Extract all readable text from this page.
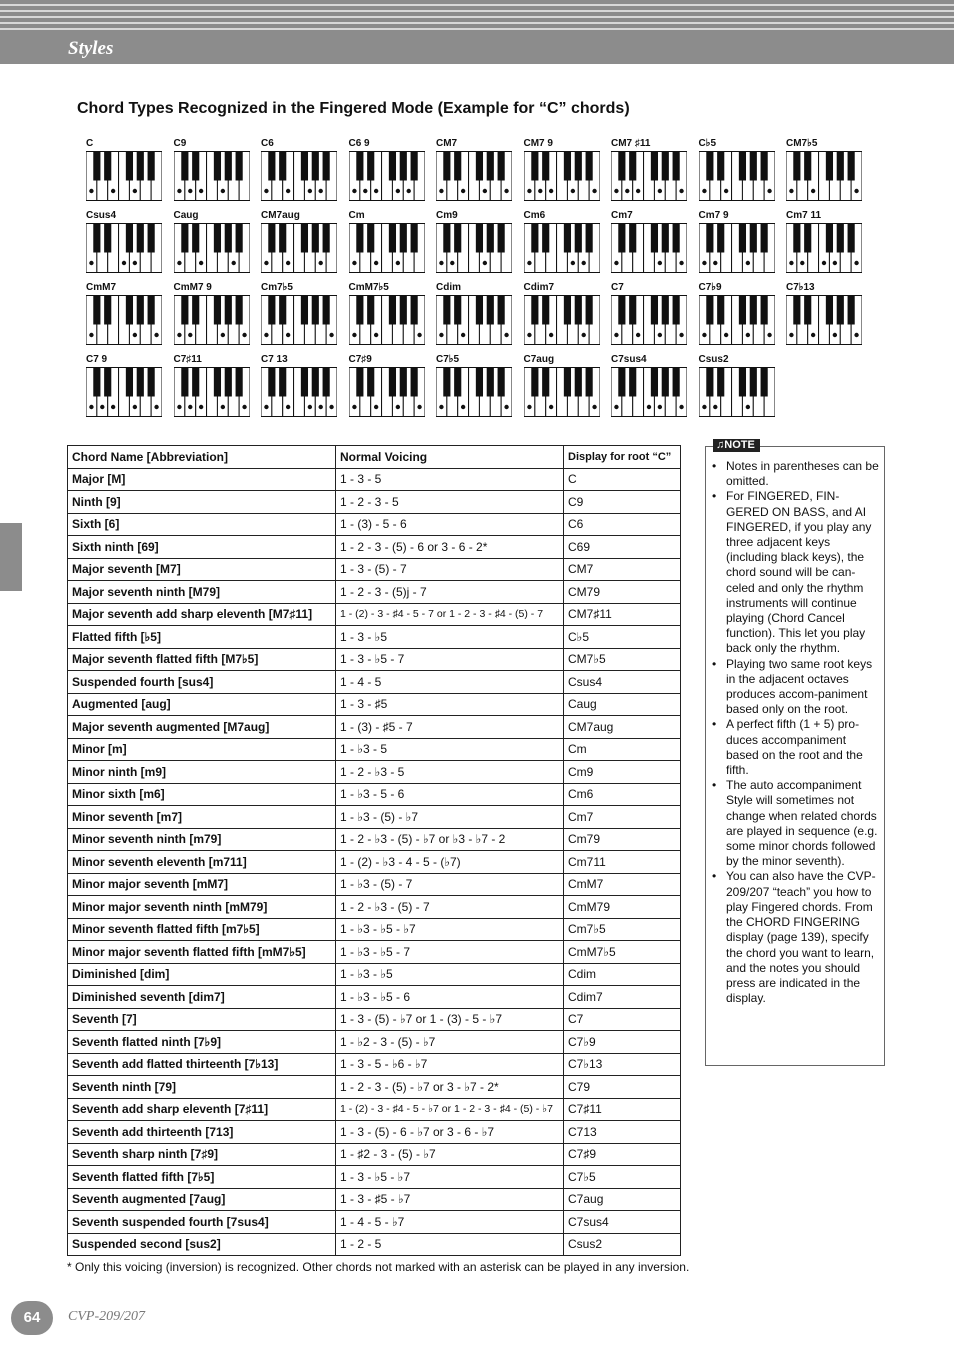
Styles
Chord Types Recognized in the Fingered Mode (Example for “C” chords)
C	C9	C6	C6 9	CM7	CM7 9	CM7 ♯11	C♭5	CM7♭5
Csus4	Caug	CM7aug	Cm	Cm9	Cm6	Cm7	Cm7 9	Cm7 11
CmM7	CmM7 9	Cm7♭5	CmM7♭5	Cdim	Cdim7	C7	C7♭9	C7♭13
C7 9	C7♯11	C7 13	C7♯9	C7♭5	C7aug	C7sus4	Csus2
Chord Name [Abbreviation]	Normal Voicing	Display for root “C”
Major [M]	1 - 3 - 5	C
Ninth [9]	1 - 2 - 3 - 5	C9
Sixth [6]	1 - (3) - 5 - 6	C6
Sixth ninth [69]	1 - 2 - 3 - (5) - 6 or 3 - 6 - 2*	C69
Major seventh [M7]	1 - 3 - (5) - 7	CM7
Major seventh ninth [M79]	1 - 2 - 3 - (5)j - 7	CM79
Major seventh add sharp eleventh [M7♯11]	1 - (2) - 3 - ♯4 - 5 - 7 or 1 - 2 - 3 - ♯4 - (5) - 7	CM7♯11
Flatted fifth [♭5]	1 - 3 - ♭5	C♭5
Major seventh flatted fifth [M7♭5]	1 - 3 - ♭5 - 7	CM7♭5
Suspended fourth [sus4]	1 - 4 - 5	Csus4
Augmented [aug]	1 - 3 - ♯5	Caug
Major seventh augmented [M7aug]	1 - (3) - ♯5 - 7	CM7aug
Minor [m]	1 - ♭3 - 5	Cm
Minor ninth [m9]	1 - 2 - ♭3 - 5	Cm9
Minor sixth [m6]	1 - ♭3 - 5 - 6	Cm6
Minor seventh [m7]	1 - ♭3 - (5) - ♭7	Cm7
Minor seventh ninth [m79]	1 - 2 - ♭3 - (5) - ♭7 or ♭3 - ♭7 - 2	Cm79
Minor seventh eleventh [m711]	1 - (2) - ♭3 - 4 - 5 - (♭7)	Cm711
Minor major seventh [mM7]	1 - ♭3 - (5) - 7	CmM7
Minor major seventh ninth [mM79]	1 - 2 - ♭3 - (5) - 7	CmM79
Minor seventh flatted fifth [m7♭5]	1 - ♭3 - ♭5 - ♭7	Cm7♭5
Minor major seventh flatted fifth [mM7♭5]	1 - ♭3 - ♭5 - 7	CmM7♭5
Diminished [dim]	1 - ♭3 - ♭5	Cdim
Diminished seventh [dim7]	1 - ♭3 - ♭5 - 6	Cdim7
Seventh [7]	1 - 3 - (5) - ♭7 or 1 - (3) - 5 - ♭7	C7
Seventh flatted ninth [7♭9]	1 - ♭2 - 3 - (5) - ♭7	C7♭9
Seventh add flatted thirteenth [7♭13]	1 - 3 - 5 - ♭6 - ♭7	C7♭13
Seventh ninth [79]	1 - 2 - 3 - (5) - ♭7 or 3 - ♭7 - 2*	C79
Seventh add sharp eleventh [7♯11]	1 - (2) - 3 - ♯4 - 5 - ♭7 or 1 - 2 - 3 - ♯4 - (5) - ♭7	C7♯11
Seventh add thirteenth [713]	1 - 3 - (5) - 6 - ♭7 or 3 - 6 - ♭7	C713
Seventh sharp ninth [7♯9]	1 - ♯2 - 3 - (5) - ♭7	C7♯9
Seventh flatted fifth [7♭5]	1 - 3 - ♭5 - ♭7	C7♭5
Seventh augmented [7aug]	1 - 3 - ♯5 - ♭7	C7aug
Seventh suspended fourth [7sus4]	1 - 4 - 5 - ♭7	C7sus4
Suspended second [sus2]	1 - 2 - 5	Csus2
♫NOTE
• Notes in parentheses can be omitted.
• For FINGERED, FIN-GERED ON BASS, and AI FINGERED, if you play any three adjacent keys (including black keys), the chord sound will be can-celed and only the rhythm instruments will continue playing (Chord Cancel function). This let you play back only the rhythm.
• Playing two same root keys in the adjacent octaves produces accom-paniment based only on the root.
• A perfect fifth (1 + 5) pro-duces accompaniment based on the root and the fifth.
• The auto accompaniment Style will sometimes not change when related chords are played in sequence (e.g. some minor chords followed by the minor seventh).
• You can also have the CVP-209/207 “teach” you how to play Fingered chords. From the CHORD FINGERING display (page 139), specify the chord you want to learn, and the notes you should press are indicated in the display.
* Only this voicing (inversion) is recognized. Other chords not marked with an asterisk can be played in any inversion.
64	CVP-209/207
